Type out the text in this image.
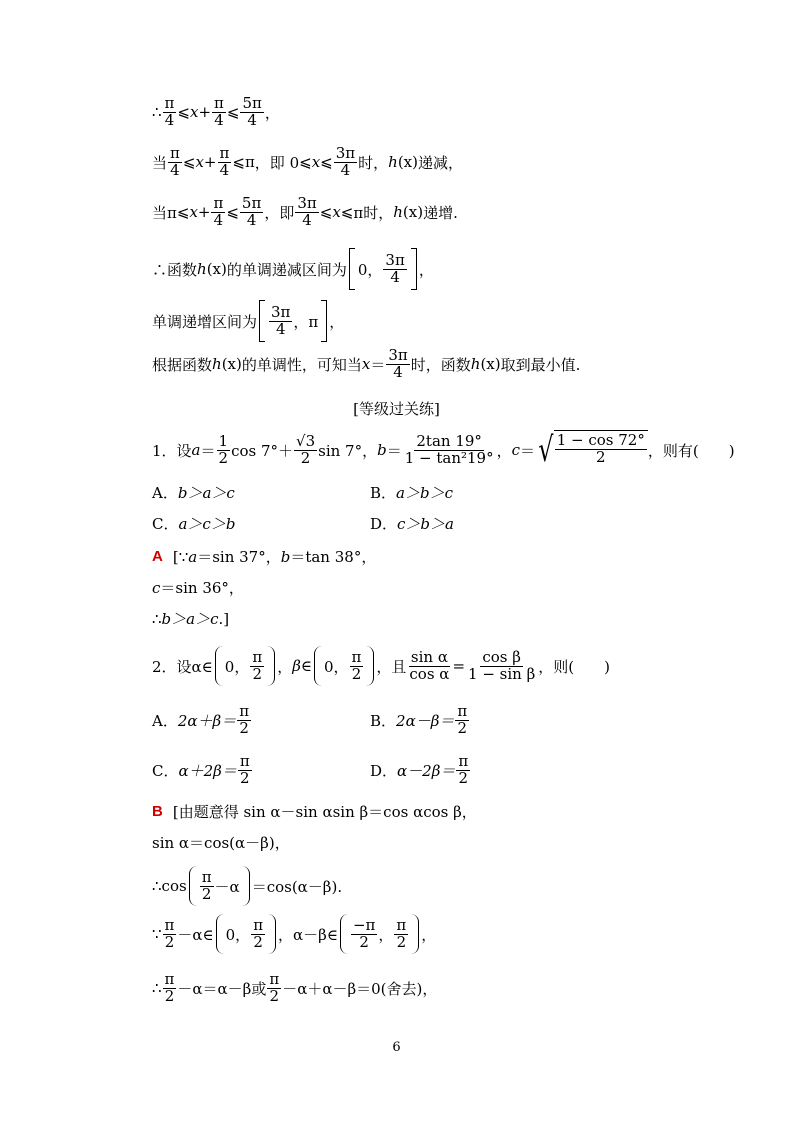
∴
π
4 ⩽ $x + \frac{\pi}{4}$ ⩽
5π
4 ，
当
π
4 ⩽ $x + \frac{\pi}{4}$ ⩽ π ，即 0 ⩽ x ⩽
3π
4 时， h (x) 递减，
当π ⩽ $x + \frac{\pi}{4}$ ⩽
5π
4 ，即
3π
4 ⩽ x ⩽ π时， h (x) 递增.
∴函数 h (x) 的单调递减区间为 0，
3π
4 ，
单调递增区间为
3π
4 ，π ，
根据函数 h (x) 的单调性，可知当 x ＝
3π
4 时，函数 h (x) 取到最小值.
[等级过关练]
1．设 a ＝
1
2 cos 7°＋
√3
2 sin 7°， b ＝
2tan 19°
1 − tan²19° ， c ＝ √ $\frac{1 - \cos 72^\circ}{2}$ ，则有(　　)
A．b＞a＞c	B．a＞b＞c
C．a＞c＞b	D．c＞b＞a
A [∵ a ＝sin 37°， b ＝tan 38°，
c ＝sin 36°，
∴ b＞a＞c .]
2．设α∈ 0，
π
2 ， β∈ 0，
π
2 ，且 $\frac{\text{sin α}}{\text{cos α}} = \frac{\text{cos β}}{\text{1 − sin β}}$ ，则(　　)
A． 2α＋β＝
π
2	B． 2α－β＝
π
2
C． α＋2β＝
π
2	D． α－2β＝
π
2
B [由题意得 sin α－sin αsin β＝cos αcos β，
sin α＝cos(α－β)，
∴cos
π
2 －α ＝cos(α－β).
∵
π
2 －α∈ 0，
π
2 ，α－β∈
−π
2 ，
π
2 ，
∴
π
2 －α＝α－β或
π
2 －α＋α－β＝0(舍去)，
6
